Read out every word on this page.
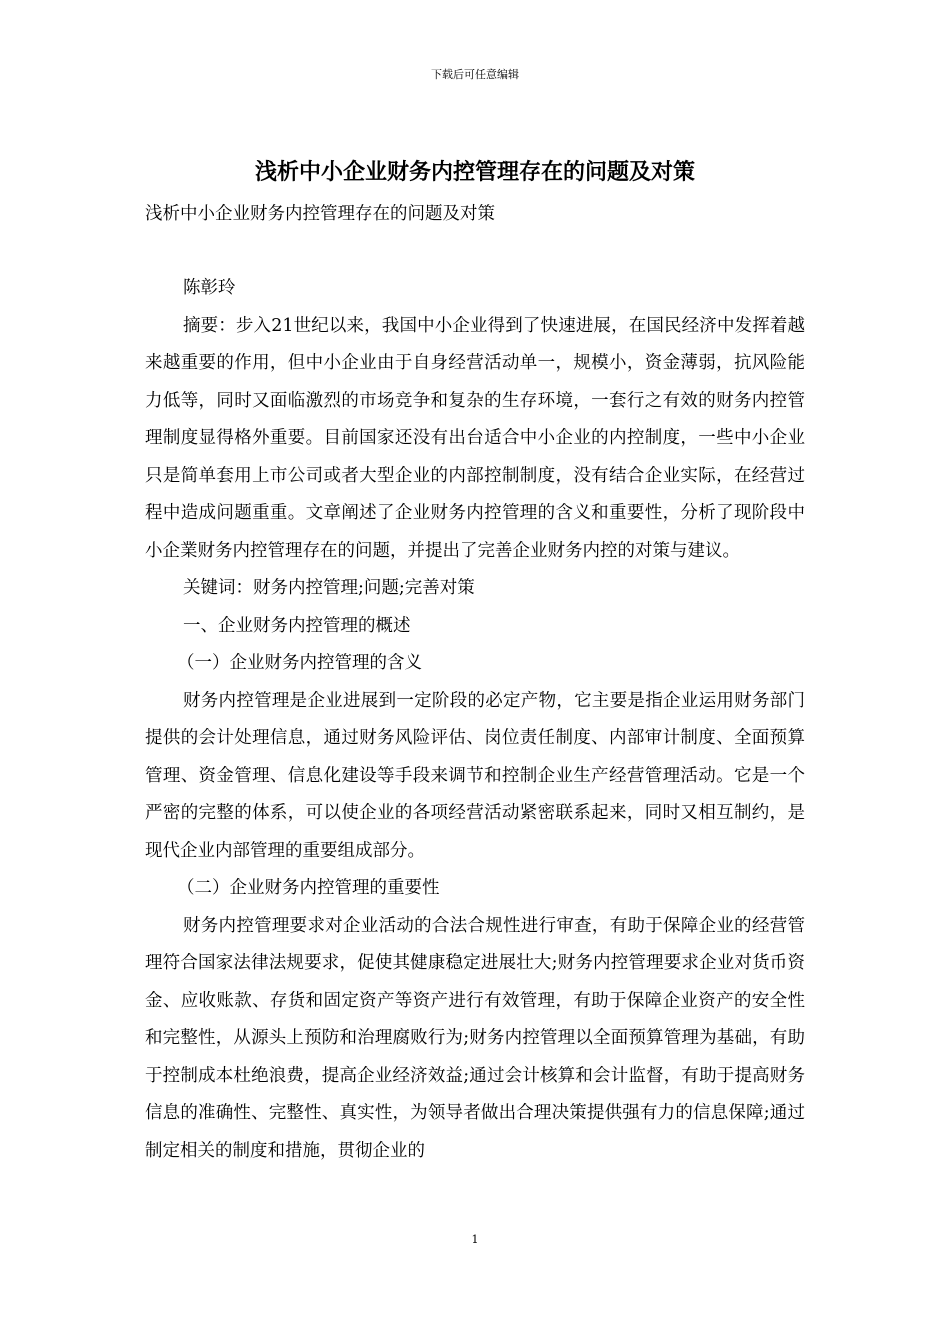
下载后可任意编辑
浅析中小企业财务内控管理存在的问题及对策
浅析中小企业财务内控管理存在的问题及对策

陈彰玲

摘要：步入21世纪以来，我国中小企业得到了快速进展，在国民经济中发挥着越来越重要的作用，但中小企业由于自身经营活动单一，规模小，资金薄弱，抗风险能力低等，同时又面临激烈的市场竞争和复杂的生存环境，一套行之有效的财务内控管理制度显得格外重要。目前国家还没有出台适合中小企业的内控制度，一些中小企业只是简单套用上市公司或者大型企业的内部控制制度，没有结合企业实际，在经营过程中造成问题重重。文章阐述了企业财务内控管理的含义和重要性，分析了现阶段中小企業财务内控管理存在的问题，并提出了完善企业财务内控的对策与建议。

关键词：财务内控管理;问题;完善对策

一、企业财务内控管理的概述

（一）企业财务内控管理的含义

财务内控管理是企业进展到一定阶段的必定产物，它主要是指企业运用财务部门提供的会计处理信息，通过财务风险评估、岗位责任制度、内部审计制度、全面预算管理、资金管理、信息化建设等手段来调节和控制企业生产经营管理活动。它是一个严密的完整的体系，可以使企业的各项经营活动紧密联系起来，同时又相互制约，是现代企业内部管理的重要组成部分。

（二）企业财务内控管理的重要性

财务内控管理要求对企业活动的合法合规性进行审查，有助于保障企业的经营管理符合国家法律法规要求，促使其健康稳定进展壮大;财务内控管理要求企业对货币资金、应收账款、存货和固定资产等资产进行有效管理，有助于保障企业资产的安全性和完整性，从源头上预防和治理腐败行为;财务内控管理以全面预算管理为基础，有助于控制成本杜绝浪费，提高企业经济效益;通过会计核算和会计监督，有助于提高财务信息的准确性、完整性、真实性，为领导者做出合理决策提供强有力的信息保障;通过制定相关的制度和措施，贯彻企业的

1
